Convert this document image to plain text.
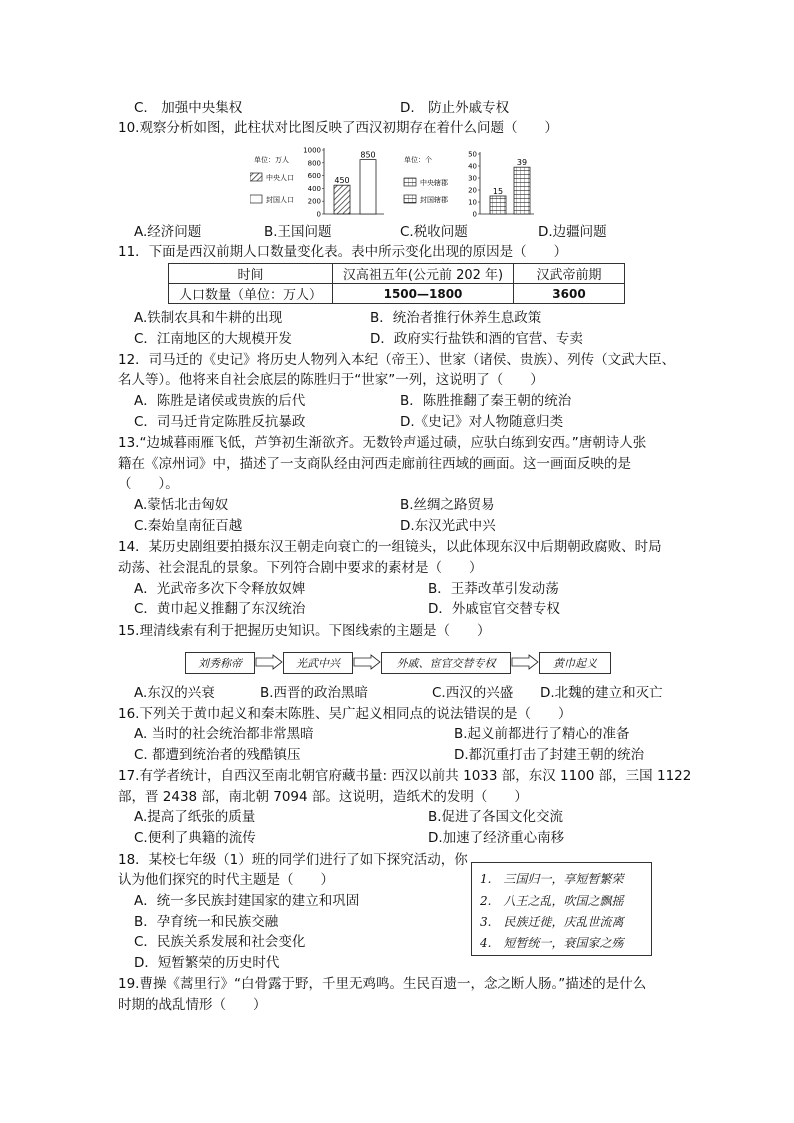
C.　加强中央集权	D.　防止外戚专权
10.观察分析如图，此柱状对比图反映了西汉初期存在着什么问题（　　）
单位：万人
中央人口
封国人口
1000
800
600
400
200
0
450
850
单位：个
中央辖郡
封国辖郡
50
40
30
20
10
0
15
39
A.经济问题	B.王国问题	C.税收问题	D.边疆问题
11．下面是西汉前期人口数量变化表。表中所示变化出现的原因是（　　）
时间	汉高祖五年(公元前 202 年)	汉武帝前期
人口数量（单位：万人）	1500—1800	3600
A.铁制农具和牛耕的出现	B．统治者推行休养生息政策
C．江南地区的大规模开发	D．政府实行盐铁和酒的官营、专卖
12．司马迁的《史记》将历史人物列入本纪（帝王）、世家（诸侯、贵族）、列传（文武大臣、
名人等）。他将来自社会底层的陈胜归于“世家”一列，这说明了（　　）
A．陈胜是诸侯或贵族的后代	B．陈胜推翻了秦王朝的统治
C．司马迁肯定陈胜反抗暴政	D.《史记》对人物随意归类
13.“边城暮雨雁飞低，芦笋初生渐欲齐。无数铃声遥过碛，应驮白练到安西。”唐朝诗人张
籍在《凉州词》中，描述了一支商队经由河西走廊前往西域的画面。这一画面反映的是
（　　）。
A.蒙恬北击匈奴	B.丝绸之路贸易
C.秦始皇南征百越	D.东汉光武中兴
14．某历史剧组要拍摄东汉王朝走向衰亡的一组镜头，以此体现东汉中后期朝政腐败、时局
动荡、社会混乱的景象。下列符合剧中要求的素材是（　　）
A．光武帝多次下令释放奴婢	B．王莽改革引发动荡
C．黄巾起义推翻了东汉统治	D．外戚宦官交替专权
15.理清线索有利于把握历史知识。下图线索的主题是（　　）
刘秀称帝	光武中兴	外戚、宦官交替专权	黄巾起义
A.东汉的兴衰	B.西晋的政治黑暗	C.西汉的兴盛 D.北魏的建立和灭亡
16.下列关于黄巾起义和秦末陈胜、吴广起义相同点的说法错误的是（　　）
A. 当时的社会统治都非常黑暗	B.起义前都进行了精心的准备
C. 都遭到统治者的残酷镇压	D.都沉重打击了封建王朝的统治
17.有学者统计，自西汉至南北朝官府藏书量: 西汉以前共 1033 部，东汉 1100 部，三国 1122
部，晋 2438 部，南北朝 7094 部。这说明，造纸术的发明（　　）
A.提高了纸张的质量	B.促进了各国文化交流
C.便利了典籍的流传	D.加速了经济重心南移
18．某校七年级（1）班的同学们进行了如下探究活动，你
认为他们探究的时代主题是（　　）
A．统一多民族封建国家的建立和巩固
B．孕育统一和民族交融
C．民族关系发展和社会变化
D．短暂繁荣的历史时代
1.　三国归一，享短暂繁荣
2.　八王之乱，吹国之飘摇
3.　民族迁徙，庆乱世流离
4.　短暂统一，衰国家之殇
19.曹操《蒿里行》“白骨露于野，千里无鸡鸣。生民百遗一，念之断人肠。”描述的是什么
时期的战乱情形（　　）
